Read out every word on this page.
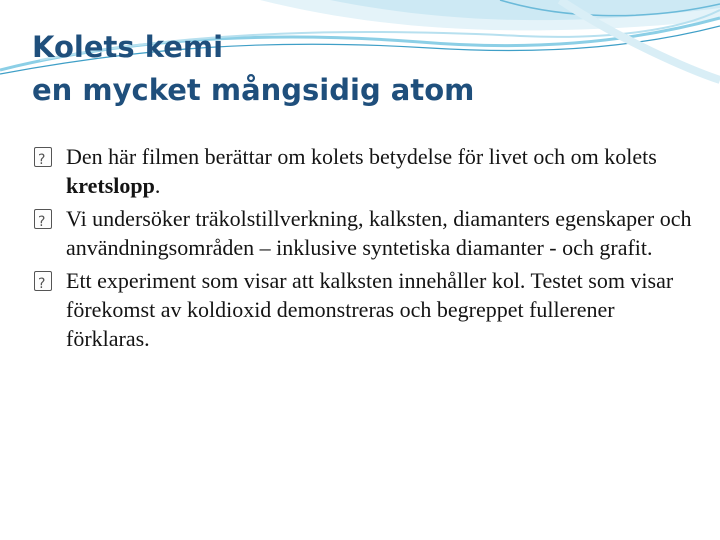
Kolets kemi
en mycket mångsidig atom
?
Den här filmen berättar om kolets betydelse för livet och om kolets kretslopp.
?
Vi undersöker träkolstillverkning, kalksten, diamanters egenskaper och användningsområden – inklusive syntetiska diamanter - och grafit.
?
Ett experiment som visar att kalksten innehåller kol. Testet som visar förekomst av koldioxid demonstreras och begreppet fullerener förklaras.
